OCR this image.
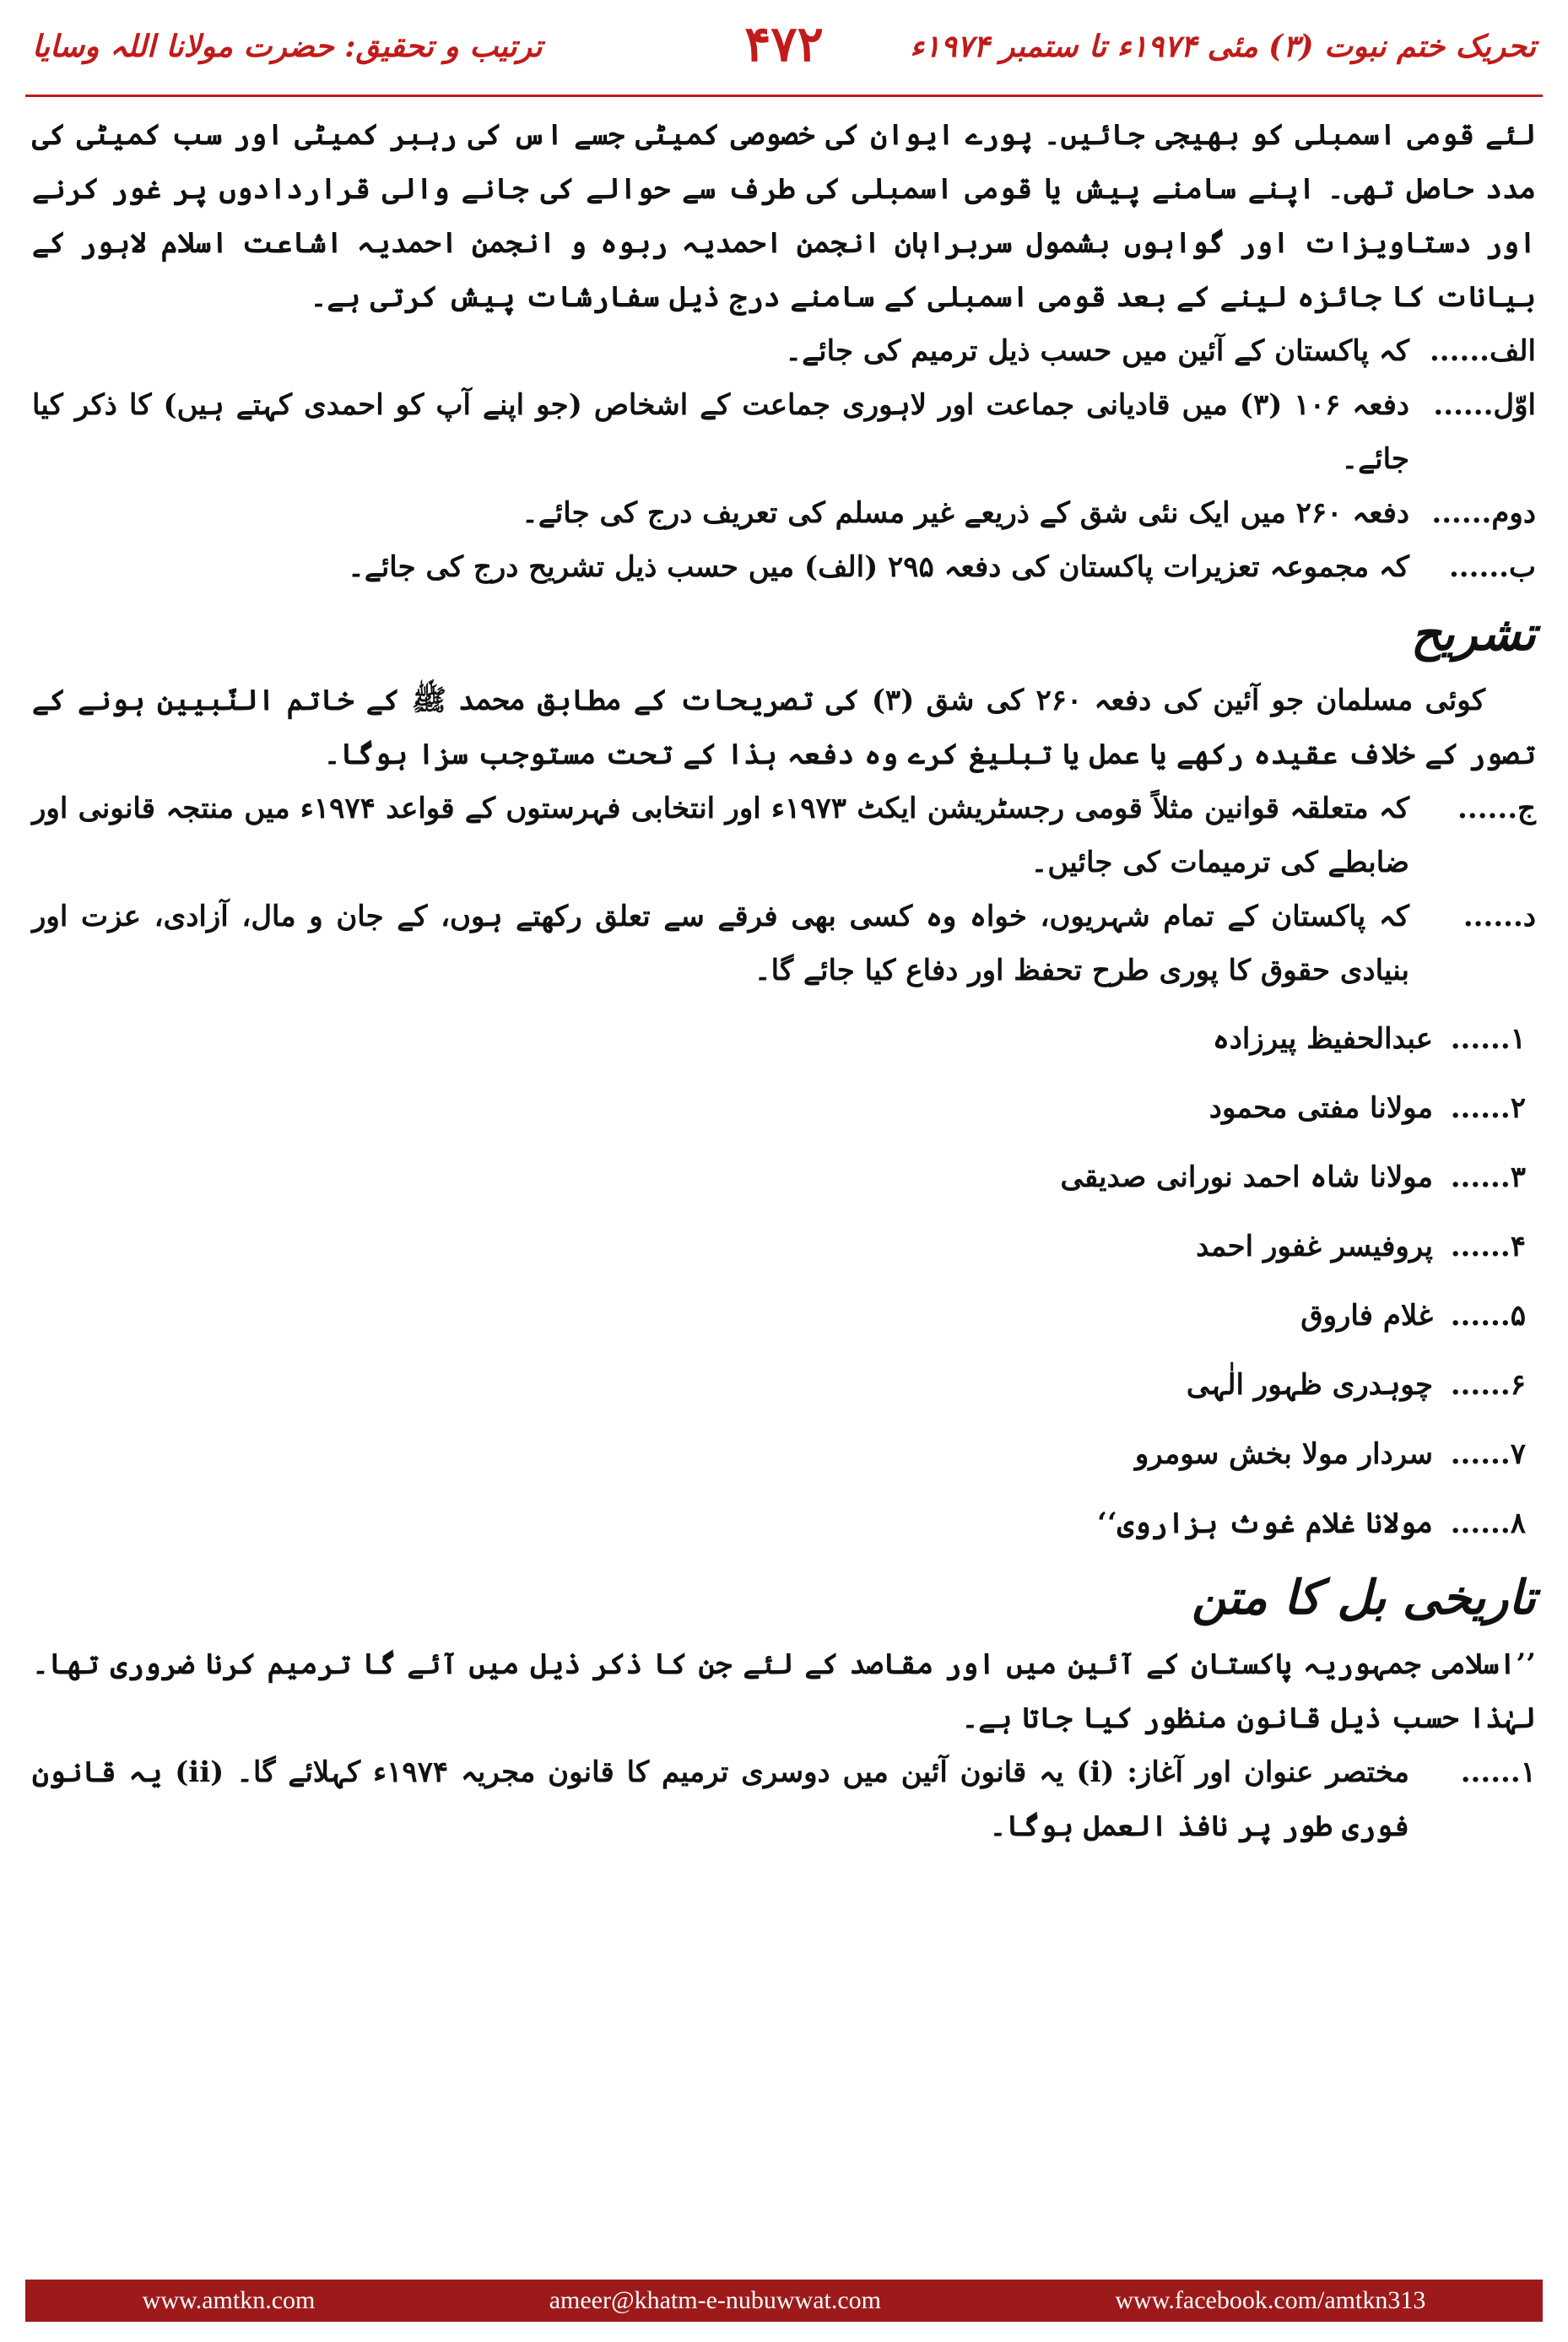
تحریک ختم نبوت (۳) مئی ۱۹۷۴ء تا ستمبر ۱۹۷۴ء
۴۷۲
ترتیب و تحقیق: حضرت مولانا اللہ وسایا

لئے قومی اسمبلی کو بھیجی جائیں۔ پورے ایوان کی خصوصی کمیٹی جسے اس کی رہبر کمیٹی اور سب کمیٹی کی مدد حاصل تھی۔ اپنے سامنے پیش یا قومی اسمبلی کی طرف سے حوالے کی جانے والی قراردادوں پر غور کرنے اور دستاویزات اور گواہوں بشمول سربراہان انجمن احمدیہ ربوہ و انجمن احمدیہ اشاعت اسلام لاہور کے بیانات کا جائزہ لینے کے بعد قومی اسمبلی کے سامنے درج ذیل سفارشات پیش کرتی ہے۔

الف......
کہ پاکستان کے آئین میں حسب ذیل ترمیم کی جائے۔
اوّل......
دفعہ ۱۰۶ (۳) میں قادیانی جماعت اور لاہوری جماعت کے اشخاص (جو اپنے آپ کو احمدی کہتے ہیں) کا ذکر کیا جائے۔
دوم......
دفعہ ۲۶۰ میں ایک نئی شق کے ذریعے غیر مسلم کی تعریف درج کی جائے۔
ب......
کہ مجموعہ تعزیرات پاکستان کی دفعہ ۲۹۵ (الف) میں حسب ذیل تشریح درج کی جائے۔
تشریح

کوئی مسلمان جو آئین کی دفعہ ۲۶۰ کی شق (۳) کی تصریحات کے مطابق محمد ﷺ کے خاتم النّبیین ہونے کے تصور کے خلاف عقیدہ رکھے یا عمل یا تبلیغ کرے وہ دفعہ ہذا کے تحت مستوجب سزا ہوگا۔

ج......
کہ متعلقہ قوانین مثلاً قومی رجسٹریشن ایکٹ ۱۹۷۳ء اور انتخابی فہرستوں کے قواعد ۱۹۷۴ء میں منتجہ قانونی اور ضابطے کی ترمیمات کی جائیں۔
د......
کہ پاکستان کے تمام شہریوں، خواہ وہ کسی بھی فرقے سے تعلق رکھتے ہوں، کے جان و مال، آزادی، عزت اور بنیادی حقوق کا پوری طرح تحفظ اور دفاع کیا جائے گا۔
۱......
عبدالحفیظ پیرزادہ
۲......
مولانا مفتی محمود
۳......
مولانا شاہ احمد نورانی صدیقی
۴......
پروفیسر غفور احمد
۵......
غلام فاروق
۶......
چوہدری ظہور الٰہی
۷......
سردار مولا بخش سومرو
۸......
مولانا غلام غوث ہزاروی‘‘
تاریخی بل کا متن

’’اسلامی جمہوریہ پاکستان کے آئین میں اور مقاصد کے لئے جن کا ذکر ذیل میں آئے گا ترمیم کرنا ضروری تھا۔ لہٰذا حسب ذیل قانون منظور کیا جاتا ہے۔

۱......
مختصر عنوان اور آغاز: (i) یہ قانون آئین میں دوسری ترمیم کا قانون مجریہ ۱۹۷۴ء کہلائے گا۔ (ii) یہ قانون فوری طور پر نافذ العمل ہوگا۔
www.amtkn.com	ameer@khatm-e-nubuwwat.com	www.facebook.com/amtkn313
